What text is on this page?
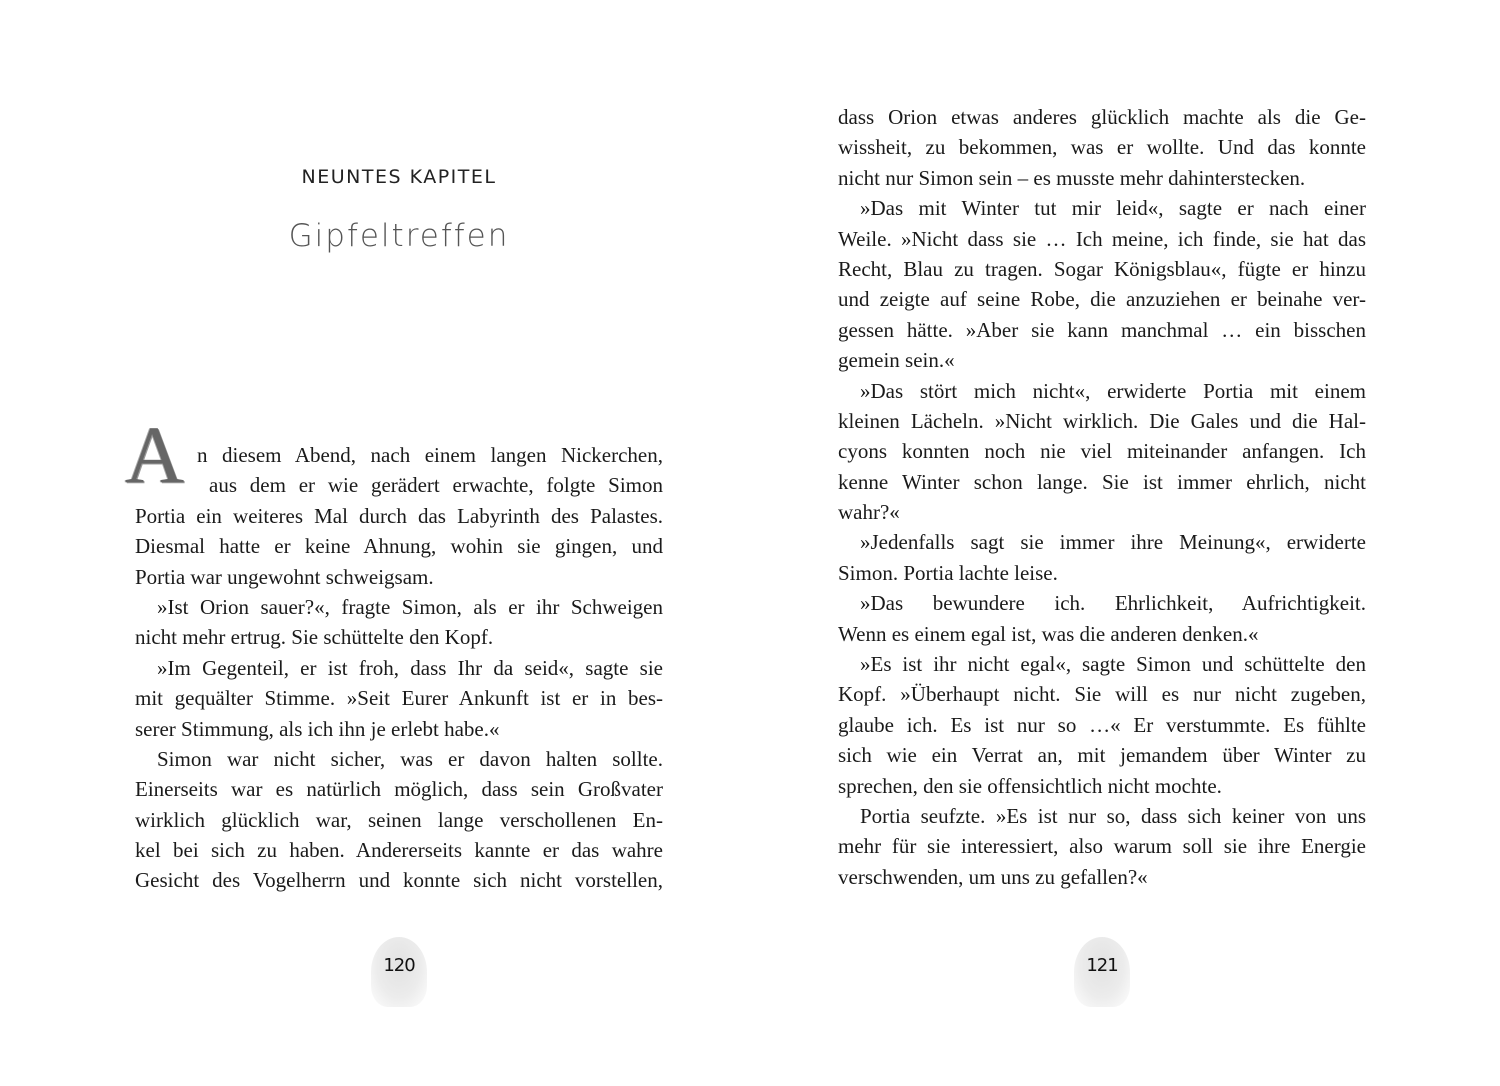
NEUNTES KAPITEL
Gipfeltreffen
A n diesem Abend, nach einem langen Nickerchen,
aus dem er wie gerädert erwachte, folgte Simon
Portia ein weiteres Mal durch das Labyrinth des Palastes.
Diesmal hatte er keine Ahnung, wohin sie gingen, und
Portia war ungewohnt schweigsam.
»Ist Orion sauer?«, fragte Simon, als er ihr Schweigen
nicht mehr ertrug. Sie schüttelte den Kopf.
»Im Gegenteil, er ist froh, dass Ihr da seid«, sagte sie
mit gequälter Stimme. »Seit Eurer Ankunft ist er in bes-
serer Stimmung, als ich ihn je erlebt habe.«
Simon war nicht sicher, was er davon halten sollte.
Einerseits war es natürlich möglich, dass sein Großvater
wirklich glücklich war, seinen lange verschollenen En-
kel bei sich zu haben. Andererseits kannte er das wahre
Gesicht des Vogelherrn und konnte sich nicht vorstellen,
120
dass Orion etwas anderes glücklich machte als die Ge-
wissheit, zu bekommen, was er wollte. Und das konnte
nicht nur Simon sein – es musste mehr dahinterstecken.
»Das mit Winter tut mir leid«, sagte er nach einer
Weile. »Nicht dass sie … Ich meine, ich finde, sie hat das
Recht, Blau zu tragen. Sogar Königsblau«, fügte er hinzu
und zeigte auf seine Robe, die anzuziehen er beinahe ver-
gessen hätte. »Aber sie kann manchmal … ein bisschen
gemein sein.«
»Das stört mich nicht«, erwiderte Portia mit einem
kleinen Lächeln. »Nicht wirklich. Die Gales und die Hal-
cyons konnten noch nie viel miteinander anfangen. Ich
kenne Winter schon lange. Sie ist immer ehrlich, nicht
wahr?«
»Jedenfalls sagt sie immer ihre Meinung«, erwiderte
Simon. Portia lachte leise.
»Das bewundere ich. Ehrlichkeit, Aufrichtigkeit.
Wenn es einem egal ist, was die anderen denken.«
»Es ist ihr nicht egal«, sagte Simon und schüttelte den
Kopf. »Überhaupt nicht. Sie will es nur nicht zugeben,
glaube ich. Es ist nur so …« Er verstummte. Es fühlte
sich wie ein Verrat an, mit jemandem über Winter zu
sprechen, den sie offensichtlich nicht mochte.
Portia seufzte. »Es ist nur so, dass sich keiner von uns
mehr für sie interessiert, also warum soll sie ihre Energie
verschwenden, um uns zu gefallen?«
121
